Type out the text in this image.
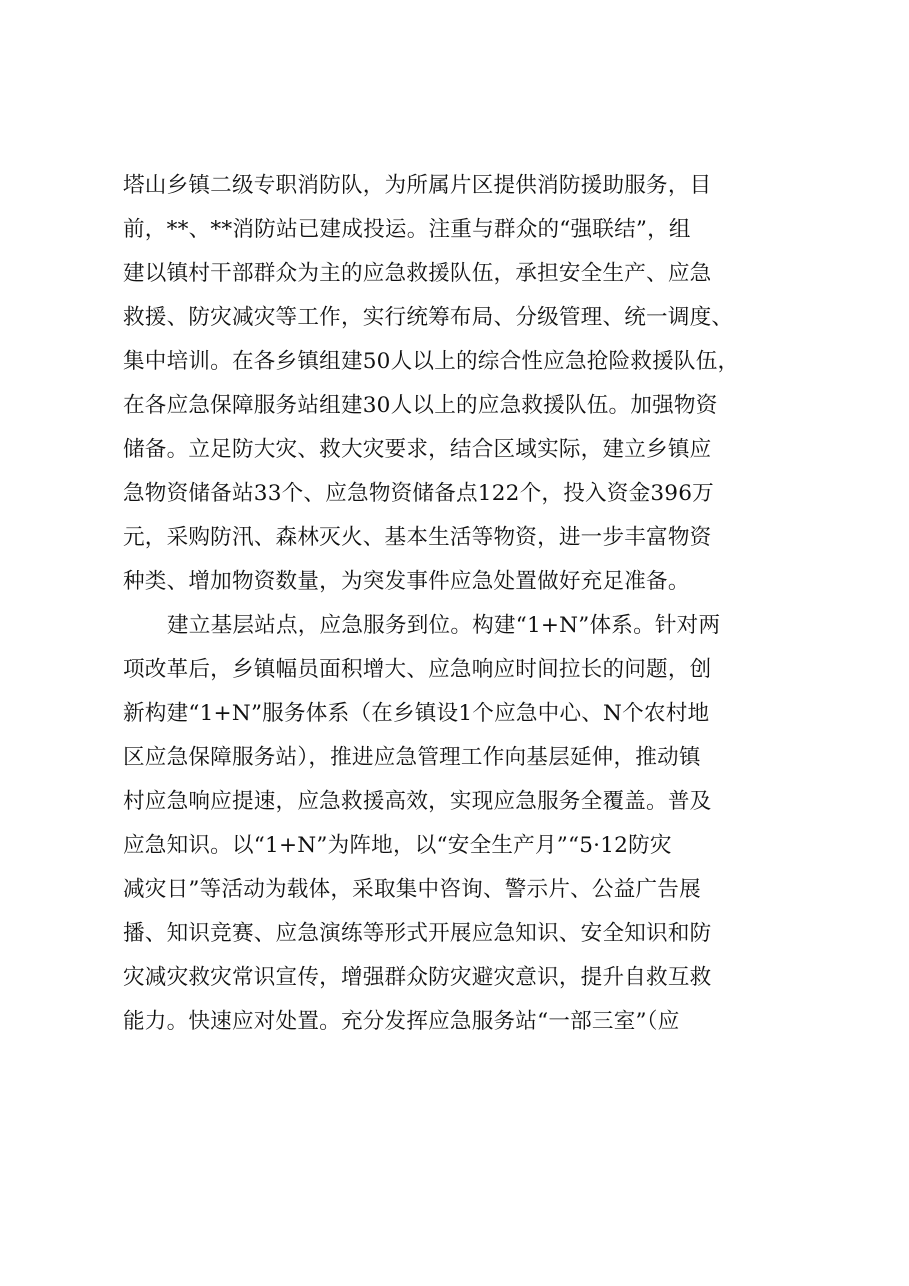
塔山乡镇二级专职消防队，为所属片区提供消防援助服务，目
前，**、**消防站已建成投运。注重与群众的“强联结”，组
建以镇村干部群众为主的应急救援队伍，承担安全生产、应急
救援、防灾减灾等工作，实行统筹布局、分级管理、统一调度、
集中培训。在各乡镇组建50人以上的综合性应急抢险救援队伍，
在各应急保障服务站组建30人以上的应急救援队伍。加强物资
储备。立足防大灾、救大灾要求，结合区域实际，建立乡镇应
急物资储备站33个、应急物资储备点122个，投入资金396万
元，采购防汛、森林灭火、基本生活等物资，进一步丰富物资
种类、增加物资数量，为突发事件应急处置做好充足准备。
建立基层站点，应急服务到位。构建“1+N”体系。针对两
项改革后，乡镇幅员面积增大、应急响应时间拉长的问题，创
新构建“1+N”服务体系（在乡镇设1个应急中心、N个农村地
区应急保障服务站），推进应急管理工作向基层延伸，推动镇
村应急响应提速，应急救援高效，实现应急服务全覆盖。普及
应急知识。以“1+N”为阵地，以“安全生产月”“5·12防灾
减灾日”等活动为载体，采取集中咨询、警示片、公益广告展
播、知识竞赛、应急演练等形式开展应急知识、安全知识和防
灾减灾救灾常识宣传，增强群众防灾避灾意识，提升自救互救
能力。快速应对处置。充分发挥应急服务站“一部三室”（应
